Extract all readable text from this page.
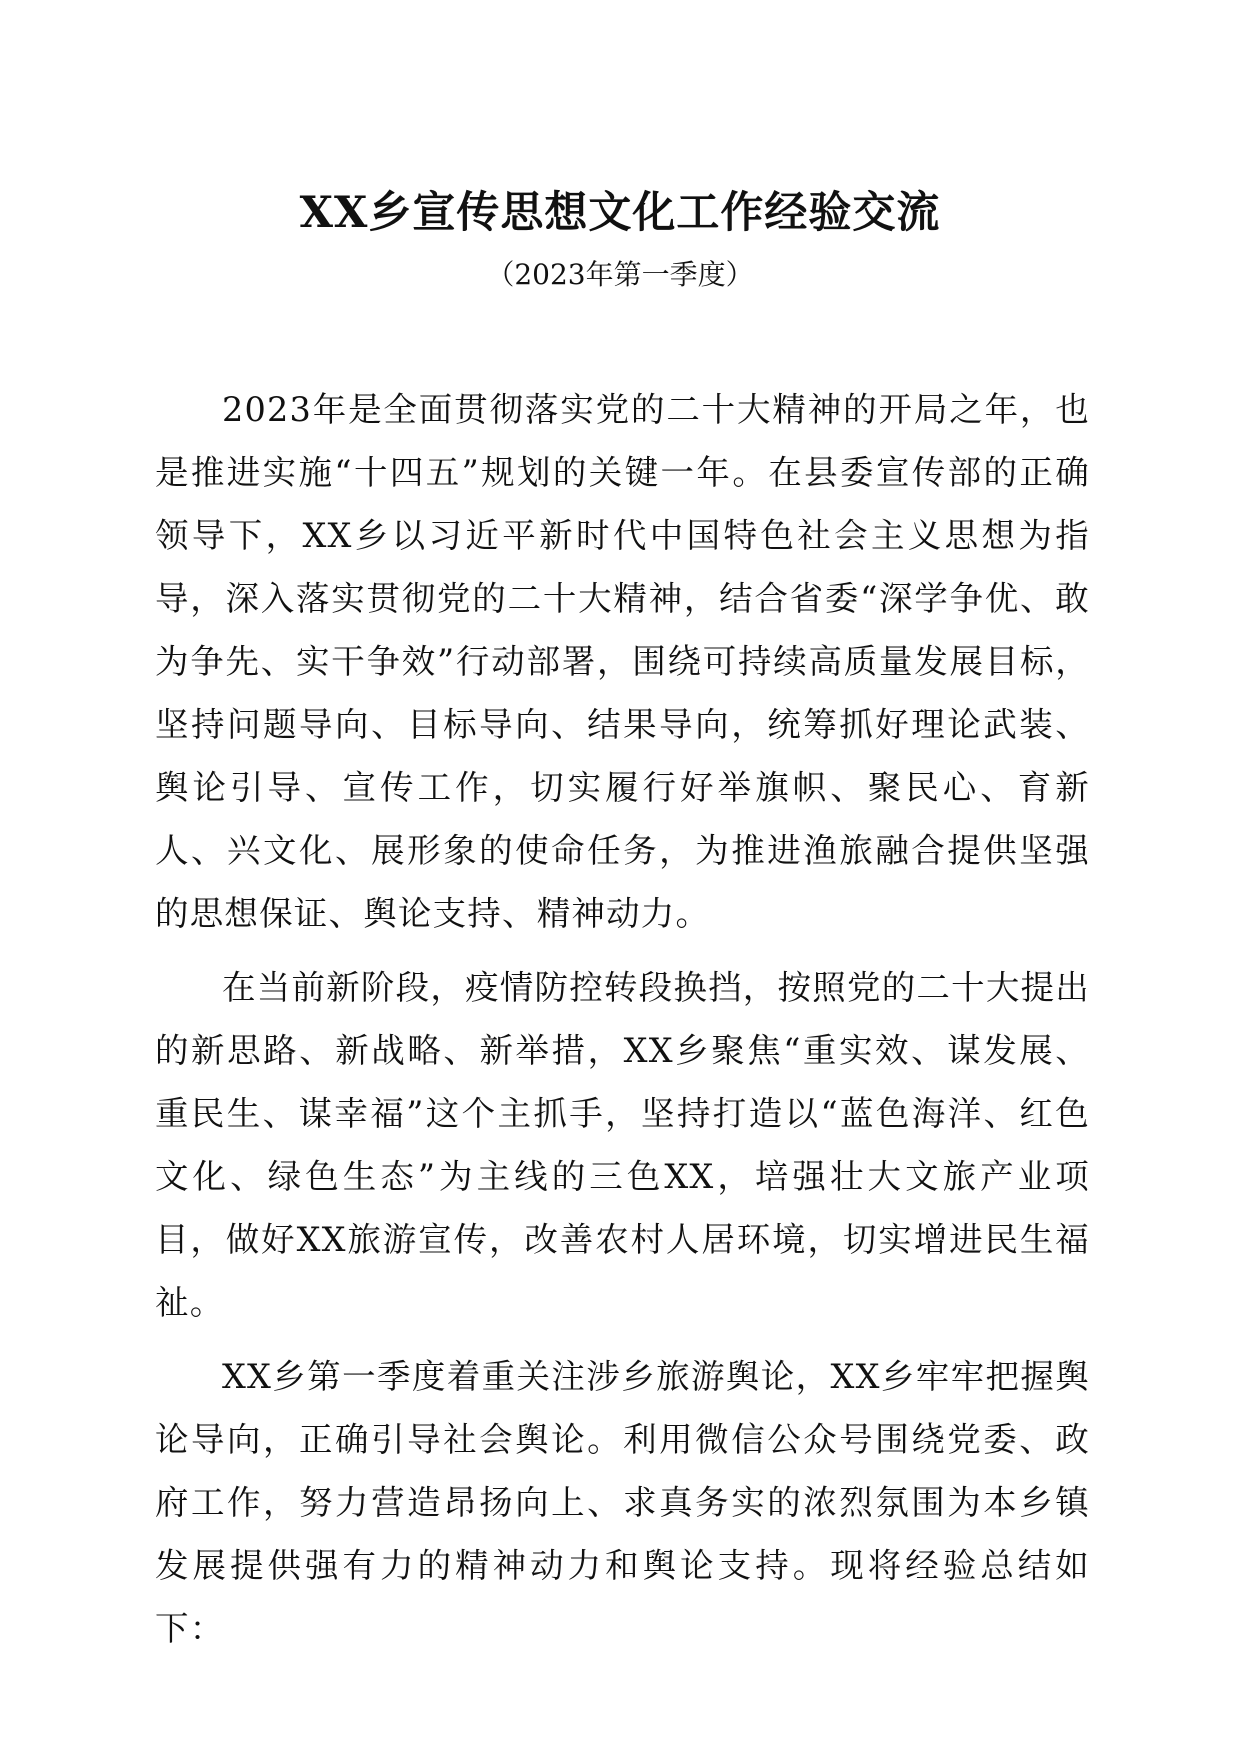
XX乡宣传思想文化工作经验交流
（2023年第一季度）

2023年是全面贯彻落实党的二十大精神的开局之年，也是推进实施“十四五”规划的关键一年。在县委宣传部的正确领导下，XX乡以习近平新时代中国特色社会主义思想为指导，深入落实贯彻党的二十大精神，结合省委“深学争优、敢为争先、实干争效”行动部署，围绕可持续高质量发展目标，坚持问题导向、目标导向、结果导向，统筹抓好理论武装、舆论引导、宣传工作，切实履行好举旗帜、聚民心、育新人、兴文化、展形象的使命任务，为推进渔旅融合提供坚强的思想保证、舆论支持、精神动力。

在当前新阶段，疫情防控转段换挡，按照党的二十大提出的新思路、新战略、新举措，XX乡聚焦“重实效、谋发展、重民生、谋幸福”这个主抓手，坚持打造以“蓝色海洋、红色文化、绿色生态”为主线的三色XX，培强壮大文旅产业项目，做好XX旅游宣传，改善农村人居环境，切实增进民生福祉。

XX乡第一季度着重关注涉乡旅游舆论，XX乡牢牢把握舆论导向，正确引导社会舆论。利用微信公众号围绕党委、政府工作，努力营造昂扬向上、求真务实的浓烈氛围为本乡镇发展提供强有力的精神动力和舆论支持。现将经验总结如下：
